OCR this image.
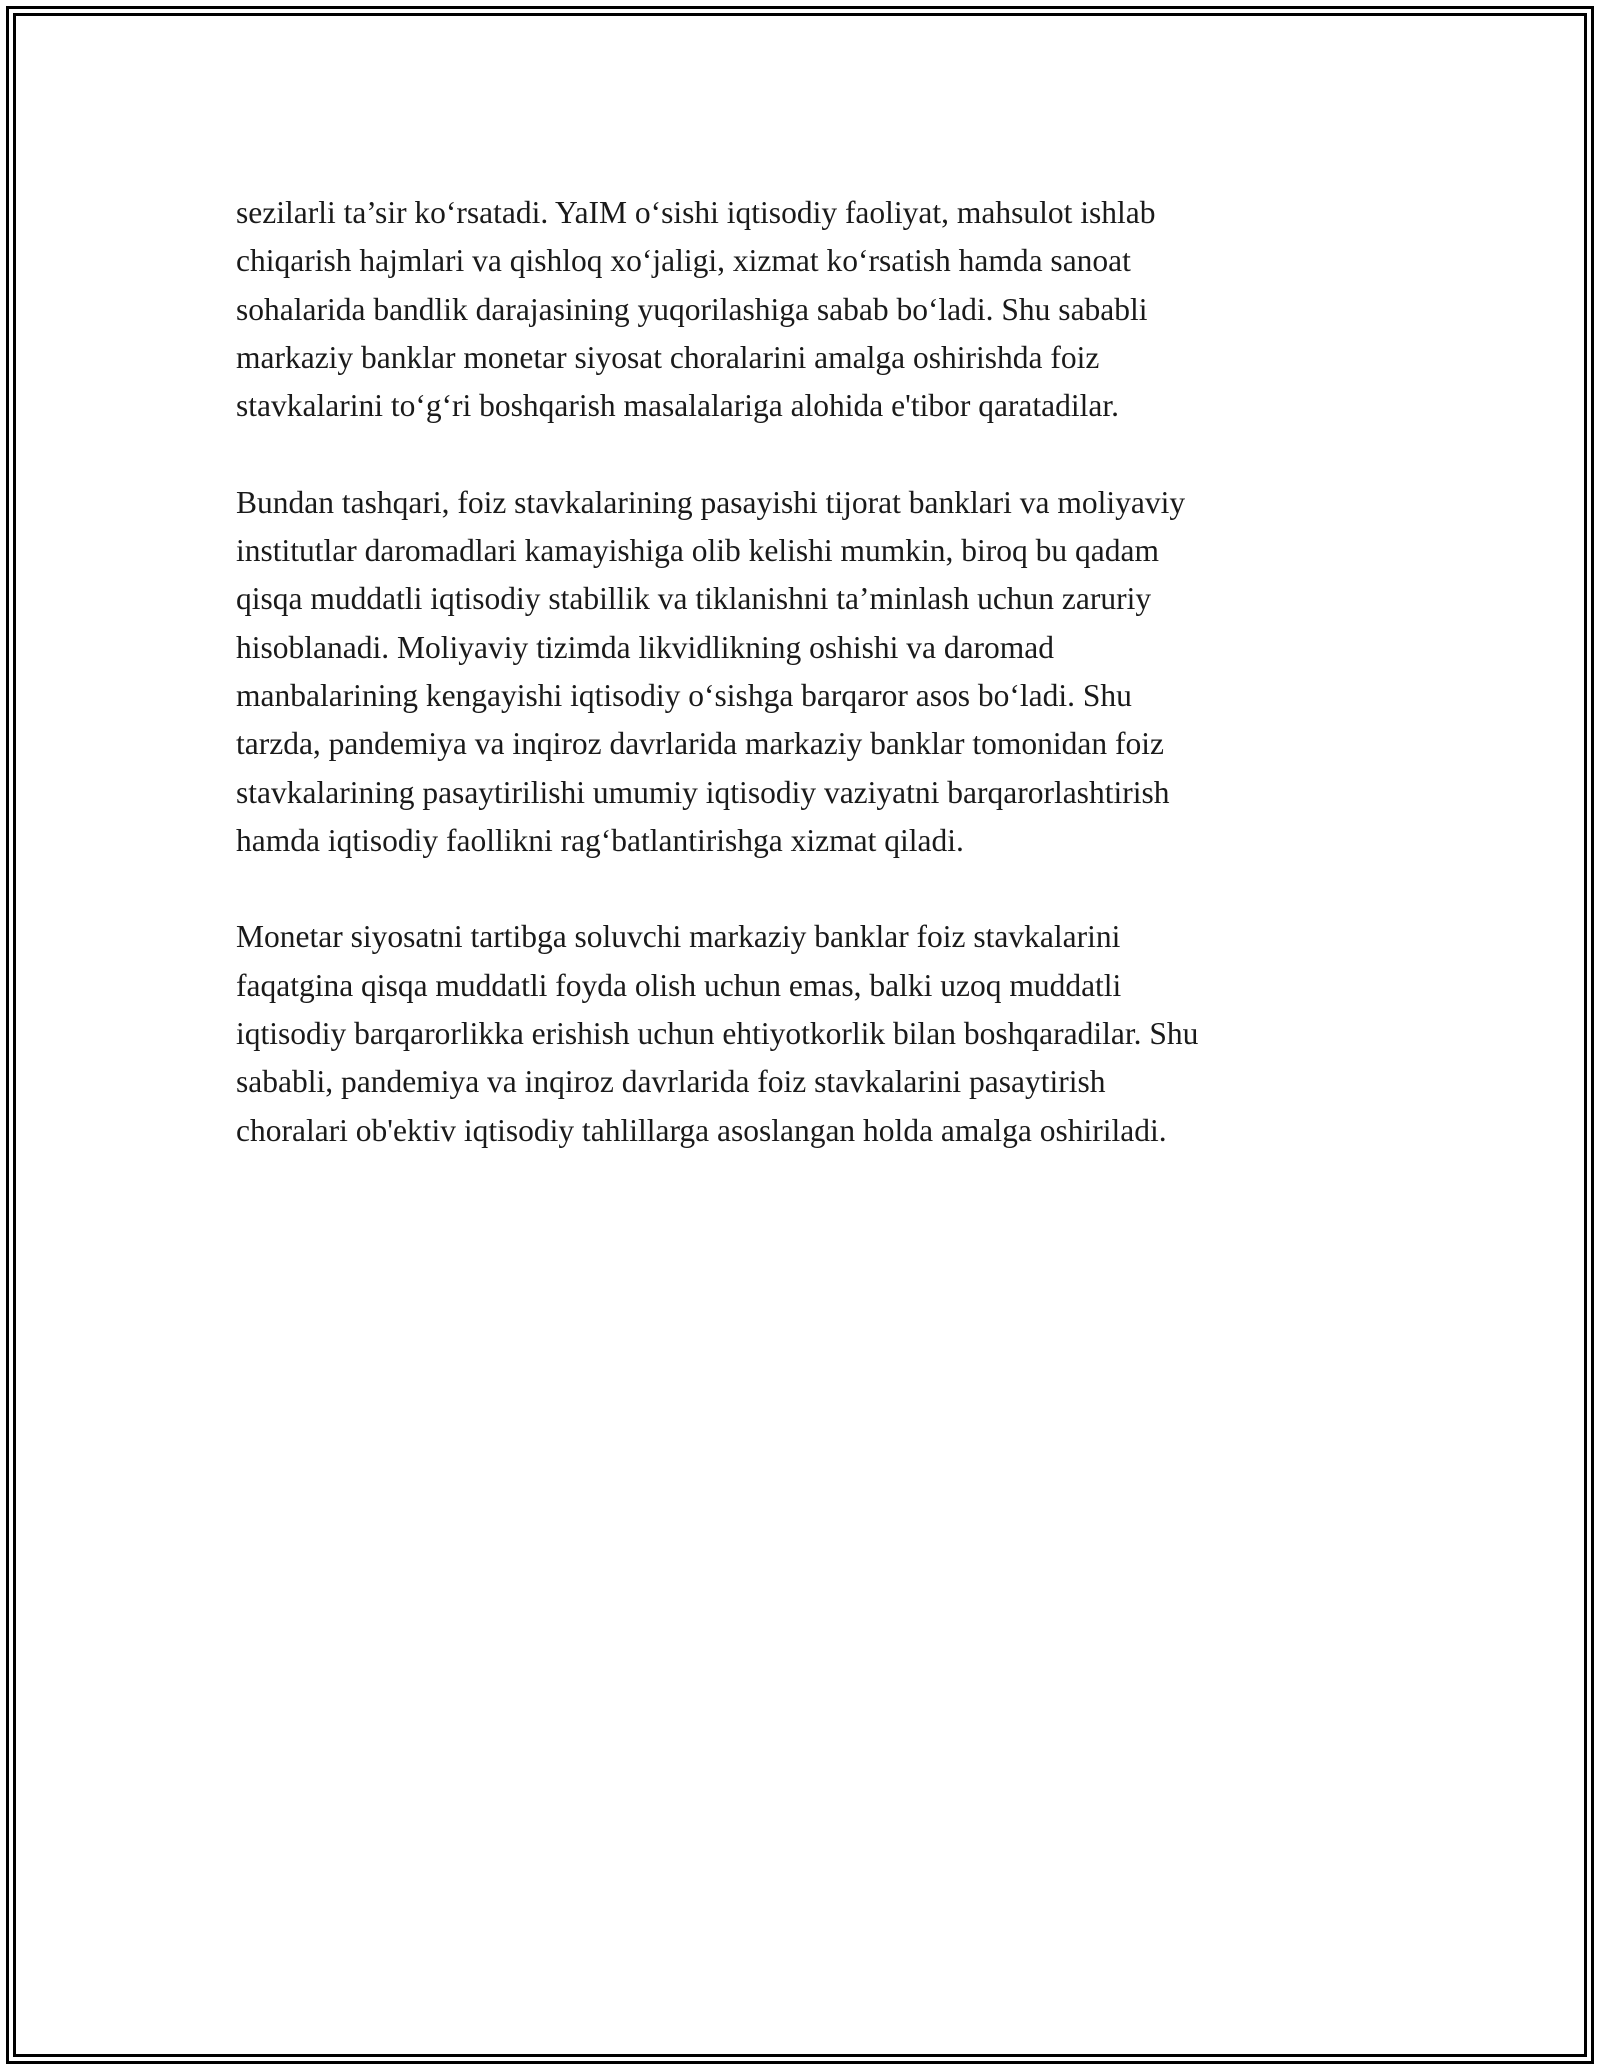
sezilarli ta’sir ko‘rsatadi. YaIM o‘sishi iqtisodiy faoliyat, mahsulot ishlab
chiqarish hajmlari va qishloq xo‘jaligi, xizmat ko‘rsatish hamda sanoat
sohalarida bandlik darajasining yuqorilashiga sabab bo‘ladi. Shu sababli
markaziy banklar monetar siyosat choralarini amalga oshirishda foiz
stavkalarini to‘g‘ri boshqarish masalalariga alohida e'tibor qaratadilar.

Bundan tashqari, foiz stavkalarining pasayishi tijorat banklari va moliyaviy
institutlar daromadlari kamayishiga olib kelishi mumkin, biroq bu qadam
qisqa muddatli iqtisodiy stabillik va tiklanishni ta’minlash uchun zaruriy
hisoblanadi. Moliyaviy tizimda likvidlikning oshishi va daromad
manbalarining kengayishi iqtisodiy o‘sishga barqaror asos bo‘ladi. Shu
tarzda, pandemiya va inqiroz davrlarida markaziy banklar tomonidan foiz
stavkalarining pasaytirilishi umumiy iqtisodiy vaziyatni barqarorlashtirish
hamda iqtisodiy faollikni rag‘batlantirishga xizmat qiladi.

Monetar siyosatni tartibga soluvchi markaziy banklar foiz stavkalarini
faqatgina qisqa muddatli foyda olish uchun emas, balki uzoq muddatli
iqtisodiy barqarorlikka erishish uchun ehtiyotkorlik bilan boshqaradilar. Shu
sababli, pandemiya va inqiroz davrlarida foiz stavkalarini pasaytirish
choralari ob'ektiv iqtisodiy tahlillarga asoslangan holda amalga oshiriladi.
